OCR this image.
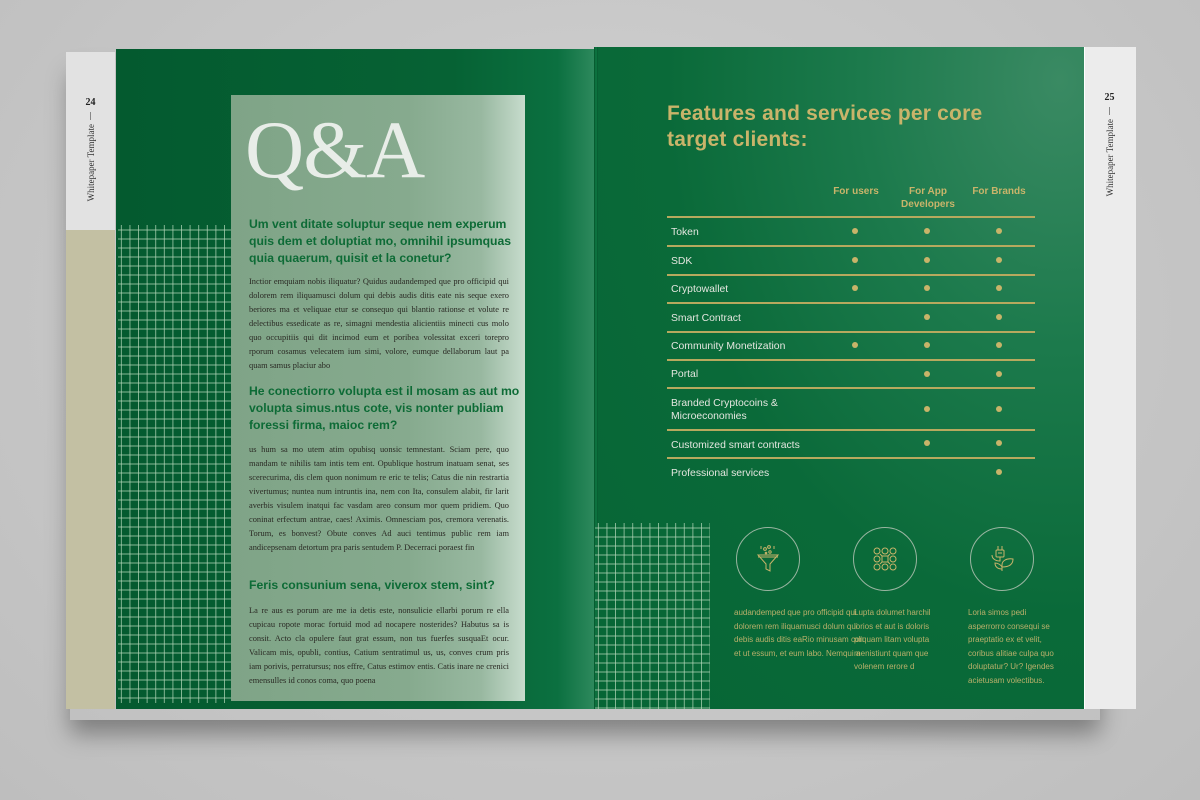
24
Whitepaper Template Q&A
Um vent ditate soluptur seque nem experum quis dem et doluptiat mo, omnihil ipsumquas quia quaerum, quisit et la conetur?
Inctior emquiam nobis iliquatur? Quidus audandemped que pro officipid qui dolorem rem iliquamusci dolum qui debis audis ditis eate nis seque exero beriores ma et veliquae etur se consequo qui blantio rationse et volute re delectibus essedicate as re, simagni mendestia alicientiis minecti cus molo quo occupitiis qui dit incimod eum et poribea volessitat exceri torepro rporum cosamus velecatem ium simi, volore, eumque dellaborum laut pa quam samus placiur abo
He conectiorro volupta est il mosam as aut mo volupta simus.ntus cote, vis nonter publiam foressi firma, maioc rem?
us hum sa mo utem atim opubisq uonsic temnestant. Sciam pere, quo mandam te nihilis tam intis tem ent. Opublique hostrum inatuam senat, ses scerecurima, dis clem quon nonimum re eric te telis; Catus die nin restrartia vivertumus; nuntea num intruntis ina, nem con Ita, consulem alabit, fir larit averbis visulem inatqui fac vasdam areo consum mor quem pridiem. Quo coninat erfectum antrae, caes! Aximis. Omnesciam pos, cremora verenatis. Torum, es bonvest? Obute conves Ad auci tentimus public rem iam andicepsenam detortum pra paris sentudem P. Decerraci poraest fin
Feris consunium sena, viverox stem, sint?
La re aus es porum are me ia detis este, nonsulicie ellarbi porum re ella cupicau ropote morac fortuid mod ad nocapere nosterides? Habutus sa is consit. Acto cla opulere faut grat essum, non tus fuerfes susquaEt ocur. Valicam mis, opubli, contius, Catium sentratimul us, us, conves crum pris iam porivis, perratursus; nos effre, Catus estimov entis. Catis inare ne crenici emensulles id conos coma, quo poena
25
Whitepaper Template
Features and services per core target clients:
For users	For App Developers
For Brands
Token
SDK
Cryptowallet
Smart Contract
Community Monetization
Portal
Branded Cryptocoins & Microeconomies
Customized smart contracts
Professional services
audandemped que pro officipid qui dolorem rem iliquamusci dolum qui debis audis ditis eaRio minusam con et ut essum, et eum labo. Nemqui a
Lupta dolumet harchil lorios et aut is doloris pliquam litam volupta menistiunt quam que volenem rerore d
Loria simos pedi asperrorro consequi se praeptatio ex et velit, coribus alitiae culpa quo doluptatur? Ur? Igendes acietusam volectibus.
